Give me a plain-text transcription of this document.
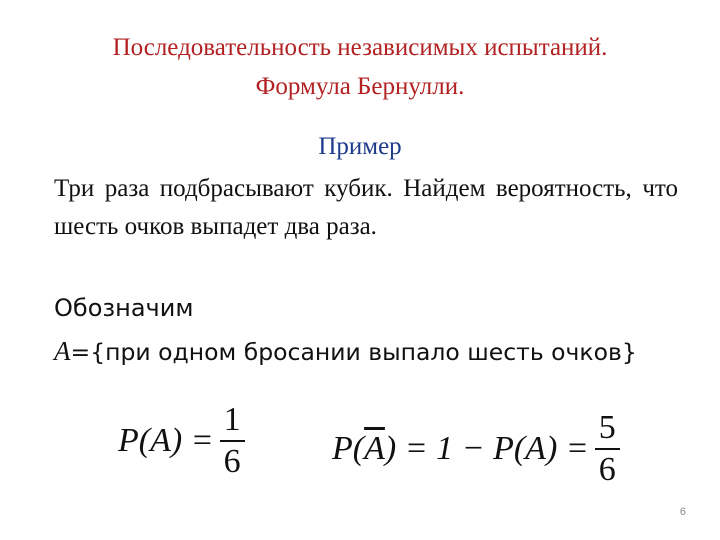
Последовательность независимых испытаний.
Формула Бернулли.
Пример
Три раза подбрасывают кубик. Найдем вероятность, что шесть очков выпадет два раза.
Обозначим
A={при одном бросании выпало шесть очков}
$P(A) = \frac{1}{6}$	P( $\overline{A}$ ) = $1 - P(A) = \frac{5}{6}$
6
